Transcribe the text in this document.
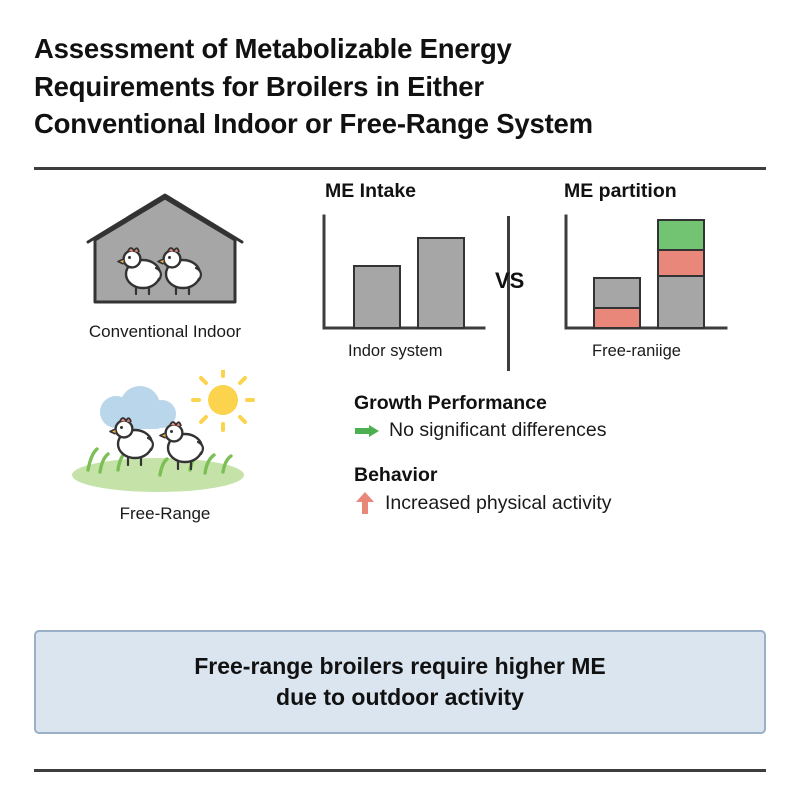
Assessment of Metabolizable Energy
Requirements for Broilers in Either
Conventional Indoor or Free-Range System
Conventional Indoor
Free-Range
ME Intake	ME partition
Indor system	Free-raniige
VS
Growth Performance
No significant differences
Behavior
Increased physical activity
Free-range broilers require higher ME
due to outdoor activity
